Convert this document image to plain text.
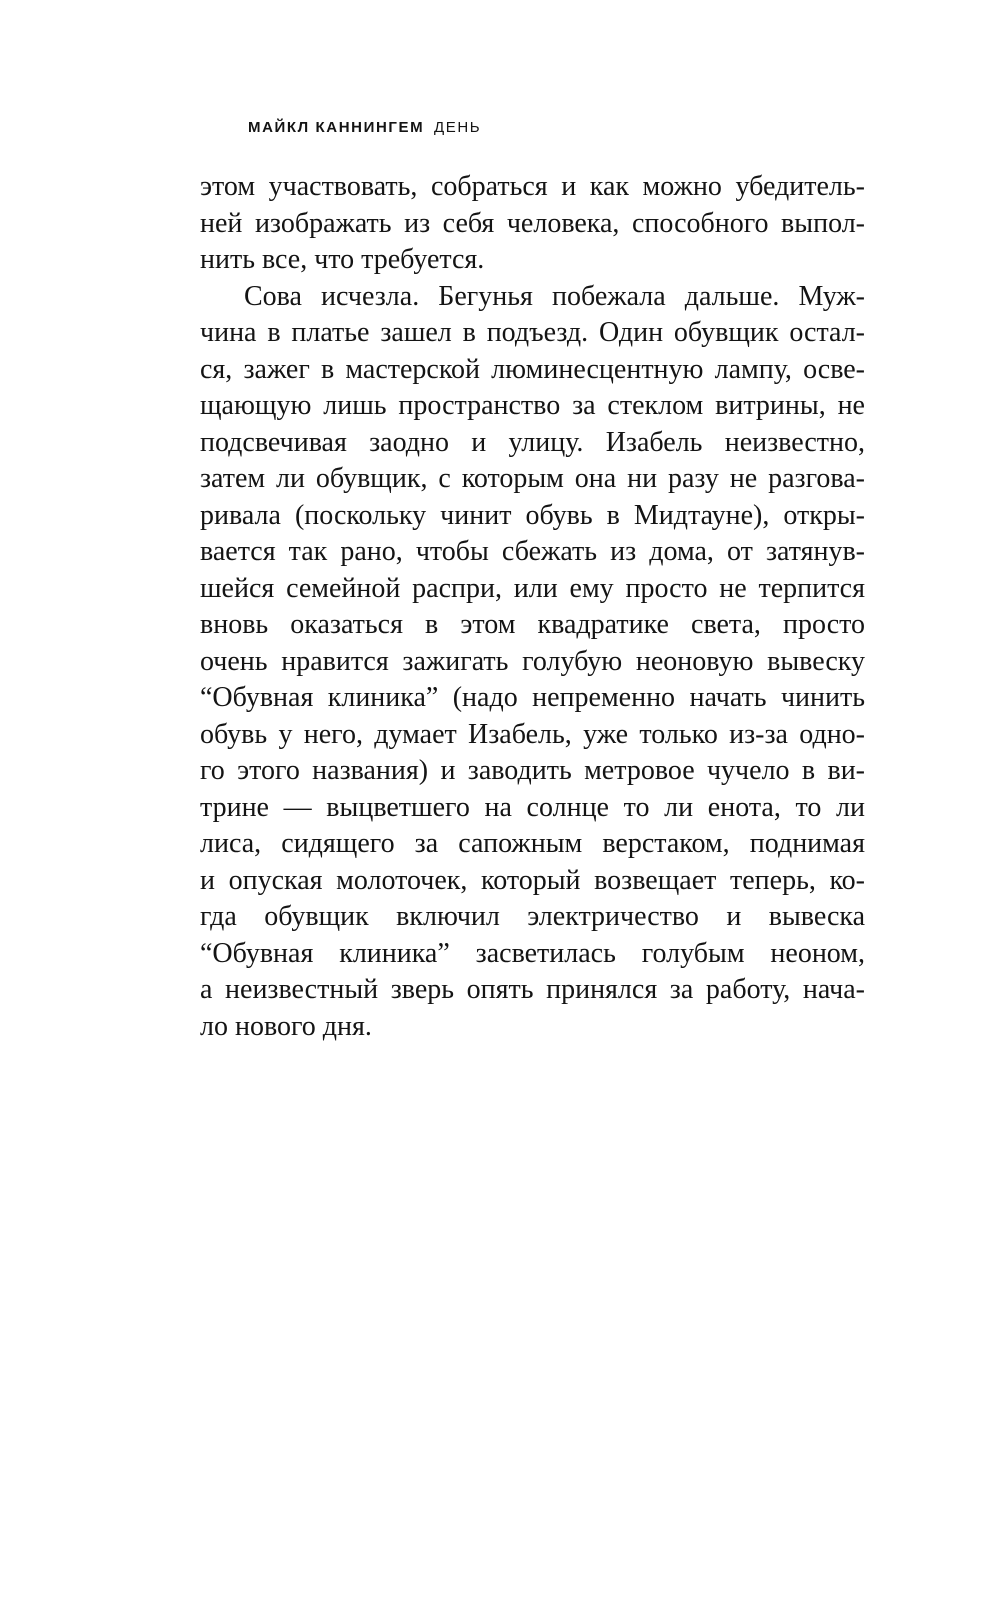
МАЙКЛ КАННИНГЕМ ДЕНЬ
этом участвовать, собраться и как можно убедитель-
ней изображать из себя человека, способного выпол-
нить все, что требуется.
Сова исчезла. Бегунья побежала дальше. Муж-
чина в платье зашел в подъезд. Один обувщик остал-
ся, зажег в мастерской люминесцентную лампу, осве-
щающую лишь пространство за стеклом витрины, не
подсвечивая заодно и улицу. Изабель неизвестно,
затем ли обувщик, с которым она ни разу не разгова-
ривала (поскольку чинит обувь в Мидтауне), откры-
вается так рано, чтобы сбежать из дома, от затянув-
шейся семейной распри, или ему просто не терпится
вновь оказаться в этом квадратике света, просто
очень нравится зажигать голубую неоновую вывеску
“Обувная клиника” (надо непременно начать чинить
обувь у него, думает Изабель, уже только из-за одно-
го этого названия) и заводить метровое чучело в ви-
трине — выцветшего на солнце то ли енота, то ли
лиса, сидящего за сапожным верстаком, поднимая
и опуская молоточек, который возвещает теперь, ко-
гда обувщик включил электричество и вывеска
“Обувная клиника” засветилась голубым неоном,
а неизвестный зверь опять принялся за работу, нача-
ло нового дня.
